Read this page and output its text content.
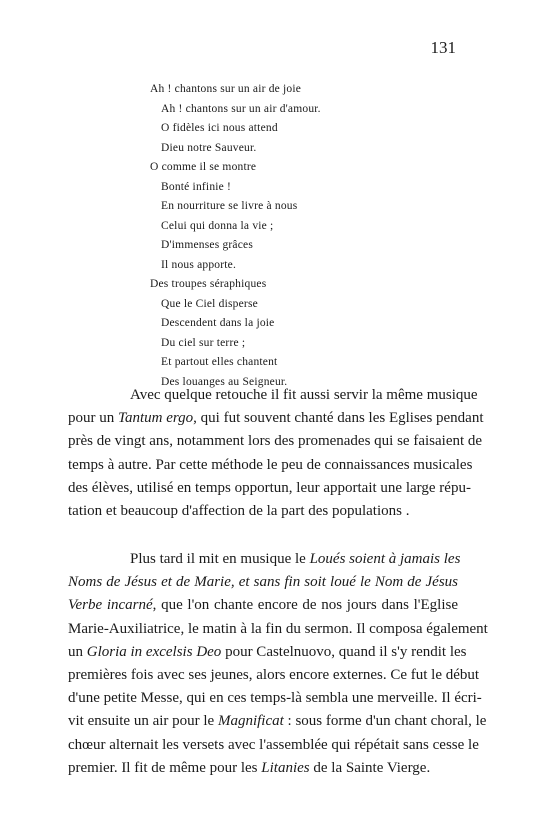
131
Ah ! chantons sur un air de joie
Ah ! chantons sur un air d'amour.
O fidèles ici nous attend
Dieu notre Sauveur.
O comme il se montre
Bonté infinie !
En nourriture se livre à nous
Celui qui donna la vie ;
D'immenses grâces
Il nous apporte.
Des troupes séraphiques
Que le Ciel disperse
Descendent dans la joie
Du ciel sur terre ;
Et partout elles chantent
Des louanges au Seigneur.
Avec quelque retouche il fit aussi servir la même musique
pour un Tantum ergo, qui fut souvent chanté dans les Eglises pendant
près de vingt ans, notamment lors des promenades qui se faisaient de
temps à autre. Par cette méthode le peu de connaissances musicales
des élèves, utilisé en temps opportun, leur apportait une large répu-
tation et beaucoup d'affection de la part des populations .
Plus tard il mit en musique le Loués soient à jamais les
Noms de Jésus et de Marie, et sans fin soit loué le Nom de Jésus
Verbe incarné, que l'on chante encore de nos jours dans l'Eglise
Marie-Auxiliatrice, le matin à la fin du sermon. Il composa également
un Gloria in excelsis Deo pour Castelnuovo, quand il s'y rendit les
premières fois avec ses jeunes, alors encore externes. Ce fut le début
d'une petite Messe, qui en ces temps-là sembla une merveille. Il écri-
vit ensuite un air pour le Magnificat : sous forme d'un chant choral, le
chœur alternait les versets avec l'assemblée qui répétait sans cesse le
premier. Il fit de même pour les Litanies de la Sainte Vierge.
